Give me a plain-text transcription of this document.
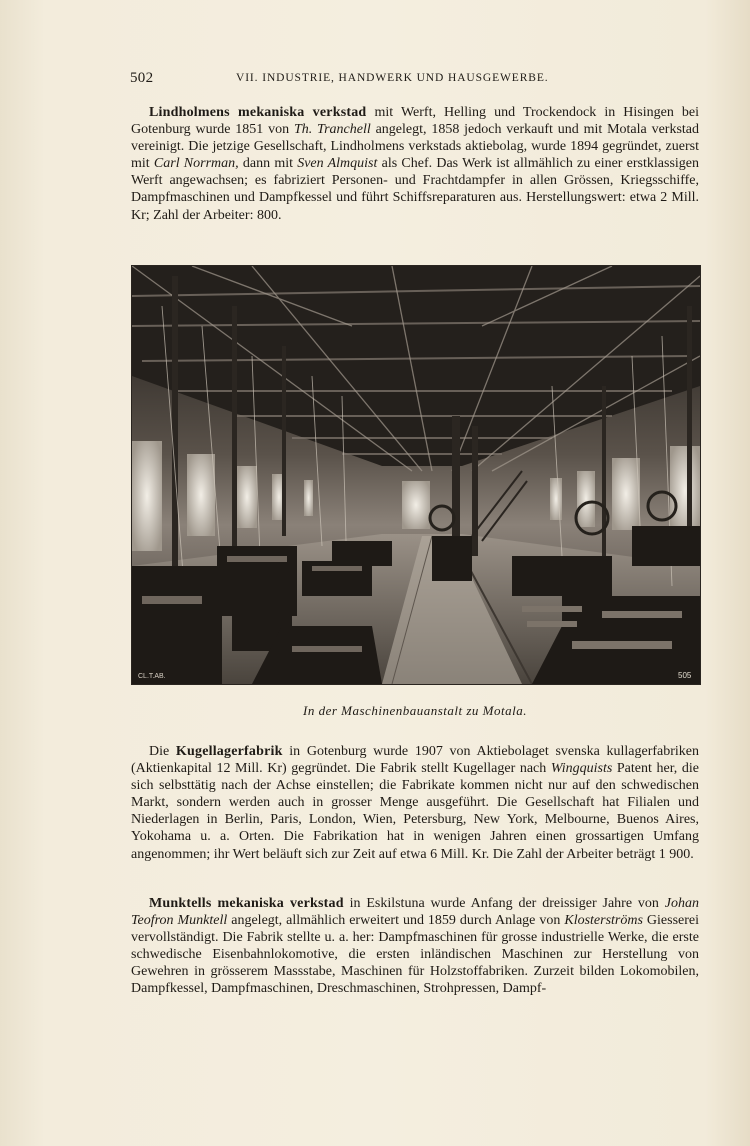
502	VII. INDUSTRIE, HANDWERK UND HAUSGEWERBE.

Lindholmens mekaniska verkstad mit Werft, Helling und Trockendock in Hisingen bei Gotenburg wurde 1851 von Th. Tranchell angelegt, 1858 jedoch verkauft und mit Motala verkstad vereinigt. Die jetzige Gesellschaft, Lindholmens verkstads aktiebolag, wurde 1894 gegründet, zuerst mit Carl Norrman, dann mit Sven Almquist als Chef. Das Werk ist allmählich zu einer erstklassigen Werft angewachsen; es fabriziert Personen- und Frachtdampfer in allen Grössen, Kriegsschiffe, Dampfmaschinen und Dampfkessel und führt Schiffsreparaturen aus. Herstellungswert: etwa 2 Mill. Kr; Zahl der Arbeiter: 800.

CL.T.AB.	505
In der Maschinenbauanstalt zu Motala.

Die Kugellagerfabrik in Gotenburg wurde 1907 von Aktiebolaget svenska kullagerfabriken (Aktienkapital 12 Mill. Kr) gegründet. Die Fabrik stellt Kugellager nach Wingquists Patent her, die sich selbsttätig nach der Achse einstellen; die Fabrikate kommen nicht nur auf den schwedischen Markt, sondern werden auch in grosser Menge ausgeführt. Die Gesellschaft hat Filialen und Niederlagen in Berlin, Paris, London, Wien, Petersburg, New York, Melbourne, Buenos Aires, Yokohama u. a. Orten. Die Fabrikation hat in wenigen Jahren einen grossartigen Umfang angenommen; ihr Wert beläuft sich zur Zeit auf etwa 6 Mill. Kr. Die Zahl der Arbeiter beträgt 1 900.

Munktells mekaniska verkstad in Eskilstuna wurde Anfang der dreissiger Jahre von Johan Teofron Munktell angelegt, allmählich erweitert und 1859 durch Anlage von Klosterströms Giesserei vervollständigt. Die Fabrik stellte u. a. her: Dampfmaschinen für grosse industrielle Werke, die erste schwedische Eisenbahnlokomotive, die ersten inländischen Maschinen zur Herstellung von Gewehren in grösserem Massstabe, Maschinen für Holzstoffabriken. Zurzeit bilden Lokomobilen, Dampfkessel, Dampfmaschinen, Dreschmaschinen, Strohpressen, Dampf-
